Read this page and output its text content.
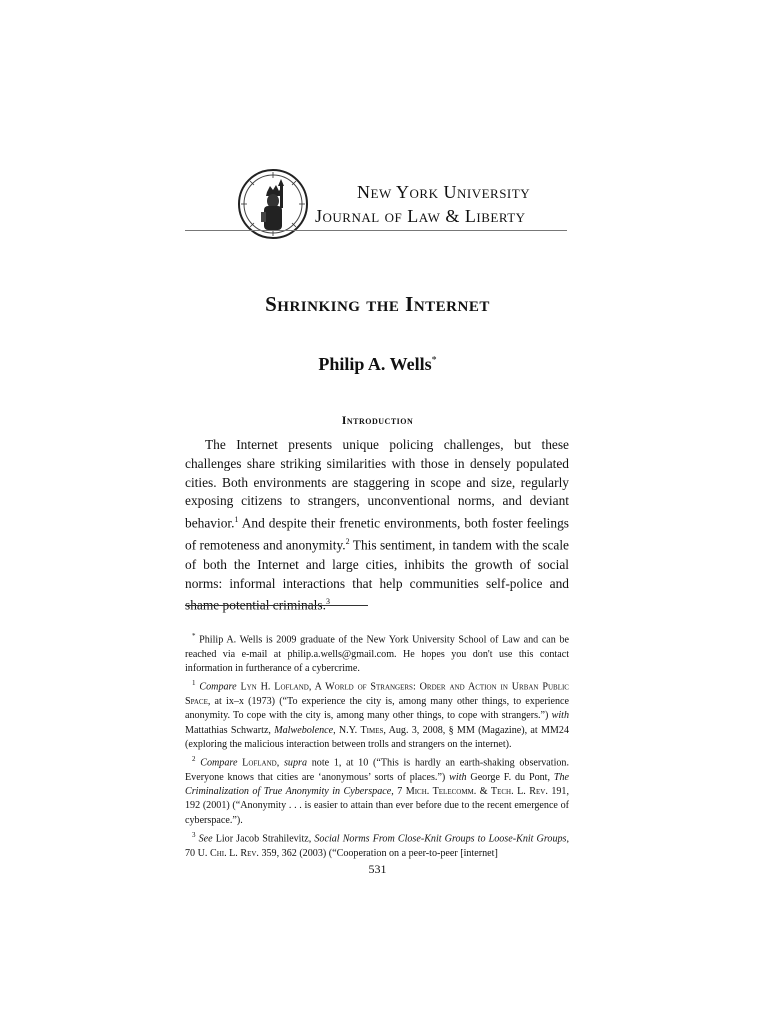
New York University
Journal of Law & Liberty
Shrinking the Internet
Philip A. Wells*
Introduction

The Internet presents unique policing challenges, but these challenges share striking similarities with those in densely populated cities. Both environments are staggering in scope and size, regularly exposing citizens to strangers, unconventional norms, and deviant behavior.$^1$ And despite their frenetic environments, both foster feelings of remoteness and anonymity.$^2$ This sentiment, in tandem with the scale of both the Internet and large cities, inhibits the growth of social norms: informal interactions that help communities self-police and shame potential criminals.$^3$

* Philip A. Wells is 2009 graduate of the New York University School of Law and can be reached via e-mail at philip.a.wells@gmail.com. He hopes you don't use this contact information in furtherance of a cybercrime.

$^1$ Compare Lyn H. Lofland, A World of Strangers: Order and Action in Urban Public Space, at ix–x (1973) (“To experience the city is, among many other things, to experience anonymity. To cope with the city is, among many other things, to cope with strangers.”) with Mattathias Schwartz, Malwebolence, N.Y. Times, Aug. 3, 2008, § MM (Magazine), at MM24 (exploring the malicious interaction between trolls and strangers on the internet).

$^2$ Compare Lofland, supra note 1, at 10 (“This is hardly an earth-shaking observation. Everyone knows that cities are ‘anonymous’ sorts of places.”) with George F. du Pont, The Criminalization of True Anonymity in Cyberspace, 7 Mich. Telecomm. & Tech. L. Rev. 191, 192 (2001) (“Anonymity . . . is easier to attain than ever before due to the recent emergence of cyberspace.”).

$^3$ See Lior Jacob Strahilevitz, Social Norms From Close-Knit Groups to Loose-Knit Groups, 70 U. Chi. L. Rev. 359, 362 (2003) (“Cooperation on a peer-to-peer [internet]

531
